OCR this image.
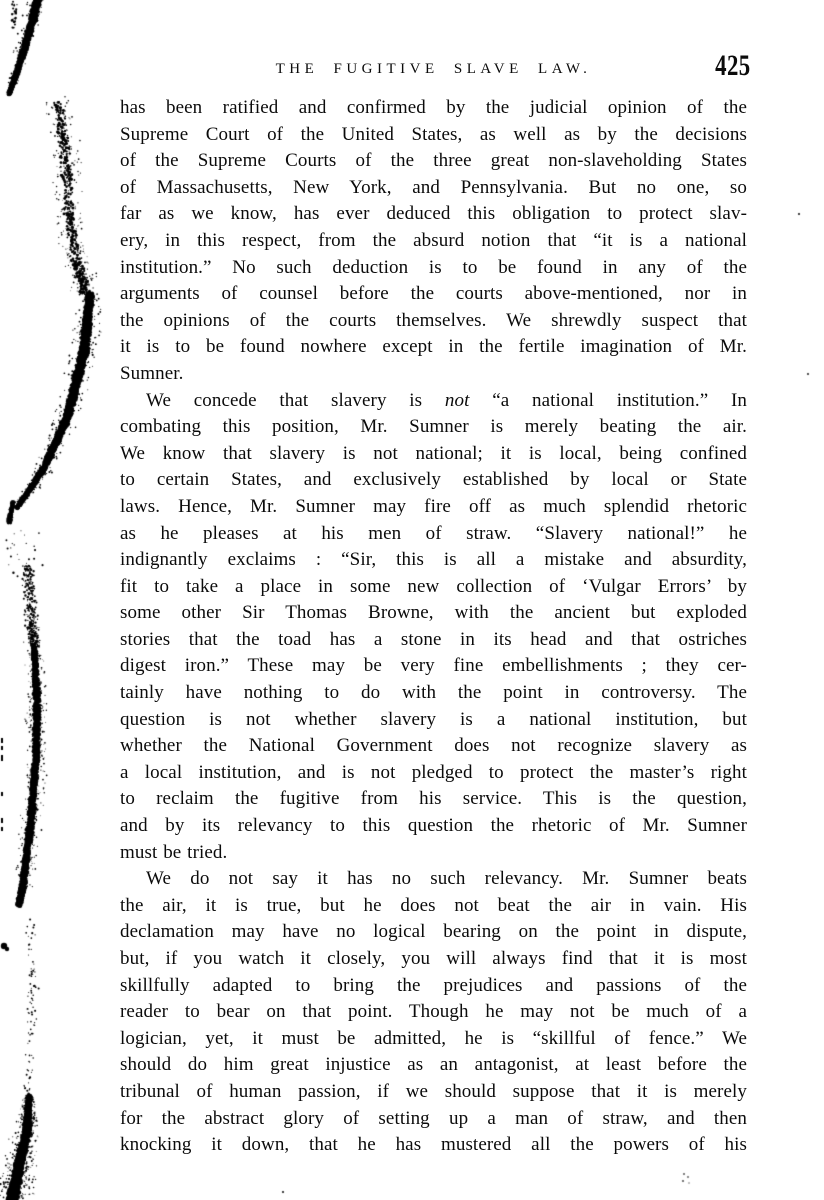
THE FUGITIVE SLAVE LAW.	425
has been ratified and confirmed by the judicial opinion of the
Supreme Court of the United States, as well as by the decisions
of the Supreme Courts of the three great non-slaveholding States
of Massachusetts, New York, and Pennsylvania. But no one, so
far as we know, has ever deduced this obligation to protect slav-
ery, in this respect, from the absurd notion that “it is a national
institution.” No such deduction is to be found in any of the
arguments of counsel before the courts above-mentioned, nor in
the opinions of the courts themselves. We shrewdly suspect that
it is to be found nowhere except in the fertile imagination of Mr.
Sumner.
We concede that slavery is not “a national institution.” In
combating this position, Mr. Sumner is merely beating the air.
We know that slavery is not national; it is local, being confined
to certain States, and exclusively established by local or State
laws. Hence, Mr. Sumner may fire off as much splendid rhetoric
as he pleases at his men of straw. “Slavery national!” he
indignantly exclaims : “Sir, this is all a mistake and absurdity,
fit to take a place in some new collection of ‘Vulgar Errors’ by
some other Sir Thomas Browne, with the ancient but exploded
stories that the toad has a stone in its head and that ostriches
digest iron.” These may be very fine embellishments ; they cer-
tainly have nothing to do with the point in controversy. The
question is not whether slavery is a national institution, but
whether the National Government does not recognize slavery as
a local institution, and is not pledged to protect the master’s right
to reclaim the fugitive from his service. This is the question,
and by its relevancy to this question the rhetoric of Mr. Sumner
must be tried.
We do not say it has no such relevancy. Mr. Sumner beats
the air, it is true, but he does not beat the air in vain. His
declamation may have no logical bearing on the point in dispute,
but, if you watch it closely, you will always find that it is most
skillfully adapted to bring the prejudices and passions of the
reader to bear on that point. Though he may not be much of a
logician, yet, it must be admitted, he is “skillful of fence.” We
should do him great injustice as an antagonist, at least before the
tribunal of human passion, if we should suppose that it is merely
for the abstract glory of setting up a man of straw, and then
knocking it down, that he has mustered all the powers of his
